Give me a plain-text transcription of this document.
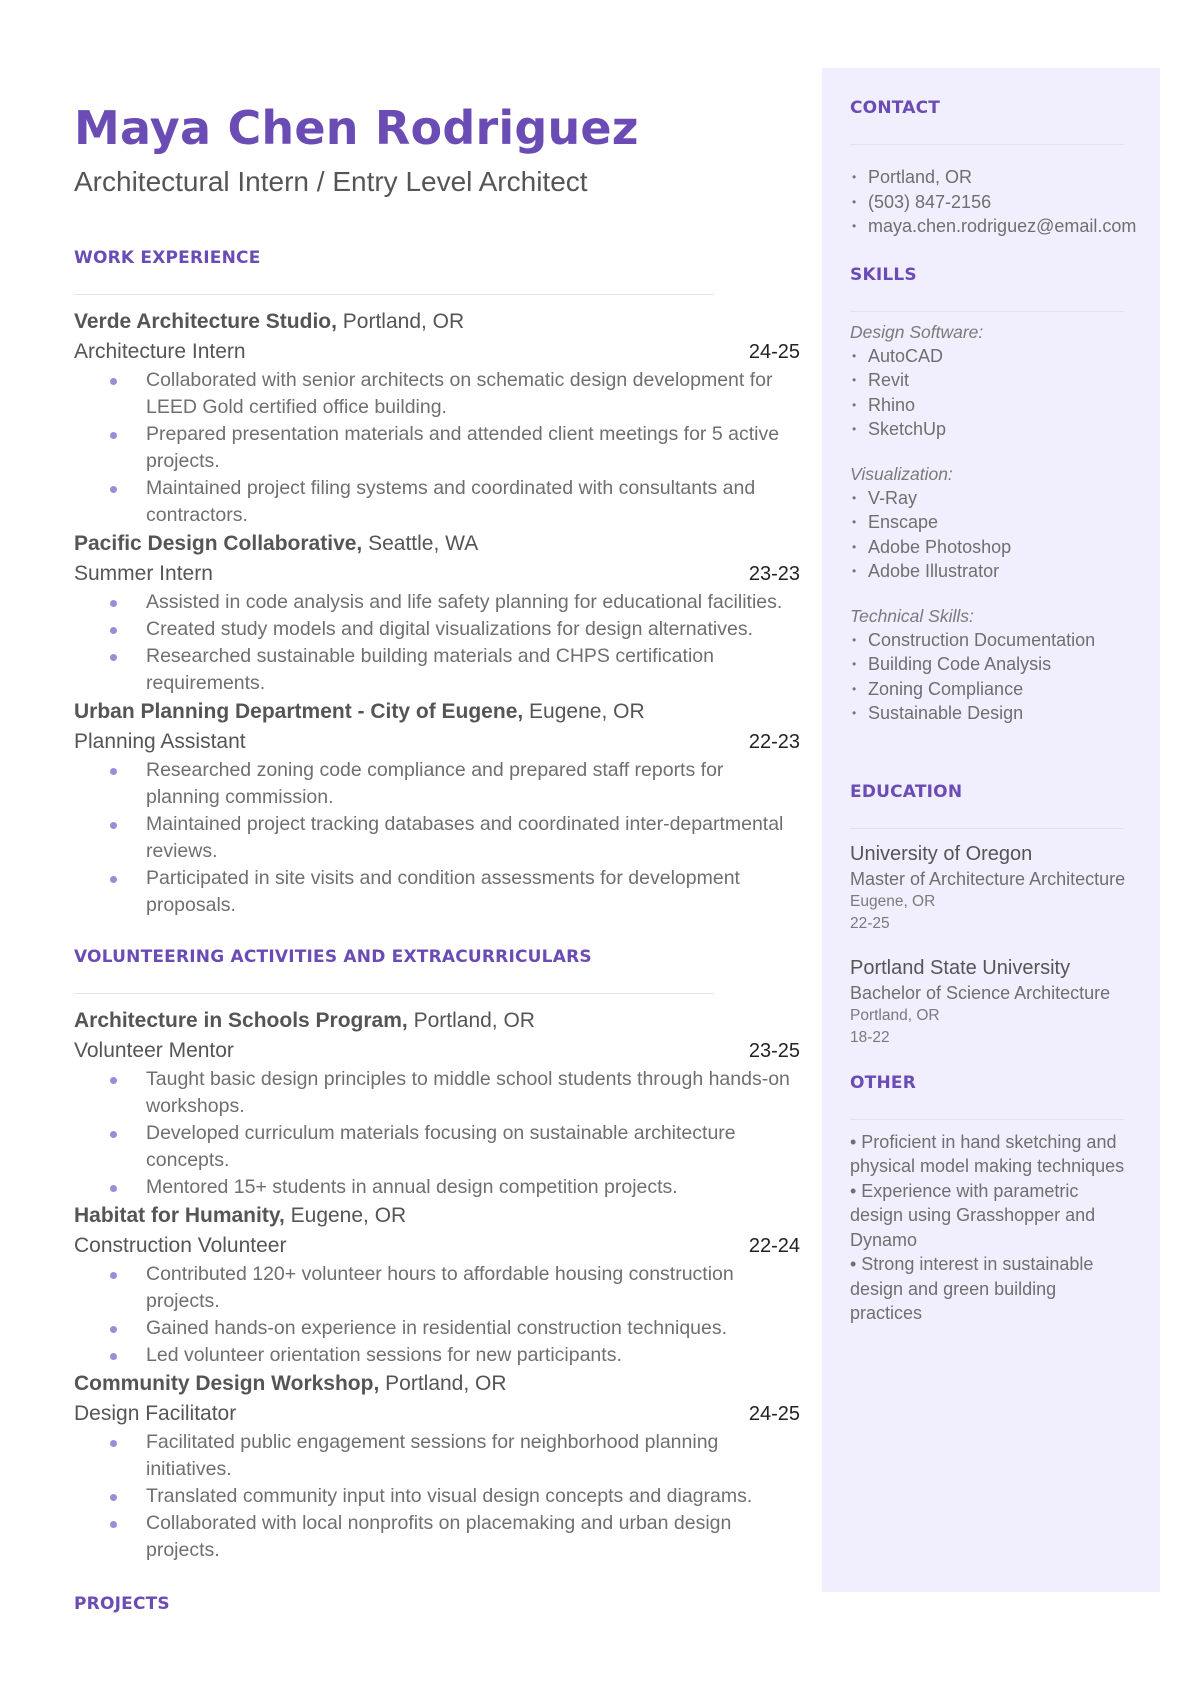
Maya Chen Rodriguez
Architectural Intern / Entry Level Architect
WORK EXPERIENCE
Verde Architecture Studio, Portland, OR
Architecture Intern	24-25
Collaborated with senior architects on schematic design development for LEED Gold certified office building.
Prepared presentation materials and attended client meetings for 5 active projects.
Maintained project filing systems and coordinated with consultants and contractors.
Pacific Design Collaborative, Seattle, WA
Summer Intern	23-23
Assisted in code analysis and life safety planning for educational facilities.
Created study models and digital visualizations for design alternatives.
Researched sustainable building materials and CHPS certification requirements.
Urban Planning Department - City of Eugene, Eugene, OR
Planning Assistant	22-23
Researched zoning code compliance and prepared staff reports for planning commission.
Maintained project tracking databases and coordinated inter-departmental reviews.
Participated in site visits and condition assessments for development proposals.
VOLUNTEERING ACTIVITIES AND EXTRACURRICULARS
Architecture in Schools Program, Portland, OR
Volunteer Mentor	23-25
Taught basic design principles to middle school students through hands-on workshops.
Developed curriculum materials focusing on sustainable architecture concepts.
Mentored 15+ students in annual design competition projects.
Habitat for Humanity, Eugene, OR
Construction Volunteer	22-24
Contributed 120+ volunteer hours to affordable housing construction projects.
Gained hands-on experience in residential construction techniques.
Led volunteer orientation sessions for new participants.
Community Design Workshop, Portland, OR
Design Facilitator	24-25
Facilitated public engagement sessions for neighborhood planning initiatives.
Translated community input into visual design concepts and diagrams.
Collaborated with local nonprofits on placemaking and urban design projects.
PROJECTS
CONTACT
• Portland, OR
• (503) 847-2156
• maya.chen.rodriguez@email.com
SKILLS
Design Software:
• AutoCAD
• Revit
• Rhino
• SketchUp
Visualization:
• V-Ray
• Enscape
• Adobe Photoshop
• Adobe Illustrator
Technical Skills:
• Construction Documentation
• Building Code Analysis
• Zoning Compliance
• Sustainable Design
EDUCATION
University of Oregon
Master of Architecture Architecture
Eugene, OR
22-25
Portland State University
Bachelor of Science Architecture
Portland, OR
18-22
OTHER
• Proficient in hand sketching and physical model making techniques
• Experience with parametric design using Grasshopper and Dynamo
• Strong interest in sustainable design and green building practices
